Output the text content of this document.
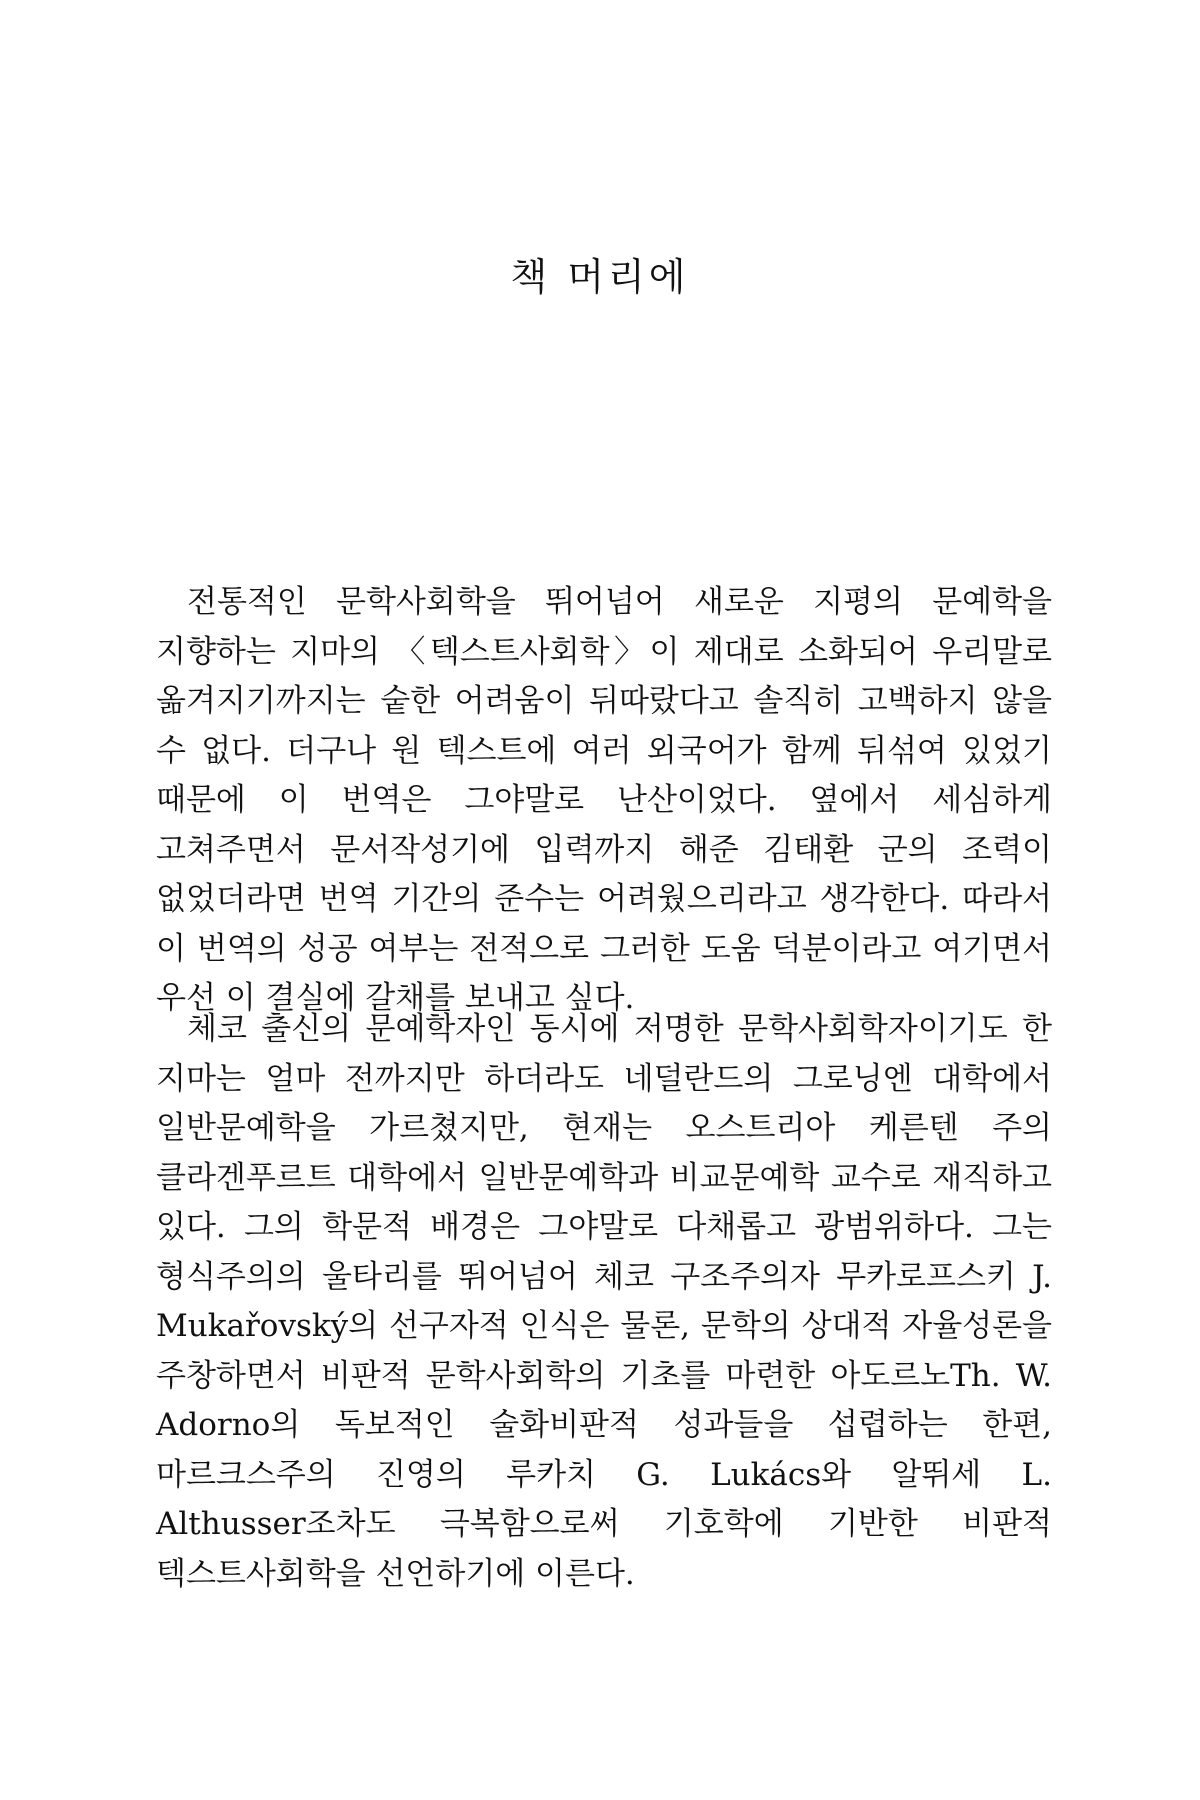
책 머리에

전통적인 문학사회학을 뛰어넘어 새로운 지평의 문예학을 지향하는 지마의 〈텍스트사회학〉이 제대로 소화되어 우리말로 옮겨지기까지는 숱한 어려움이 뒤따랐다고 솔직히 고백하지 않을 수 없다. 더구나 원 텍스트에 여러 외국어가 함께 뒤섞여 있었기 때문에 이 번역은 그야말로 난산이었다. 옆에서 세심하게 고쳐주면서 문서작성기에 입력까지 해준 김태환 군의 조력이 없었더라면 번역 기간의 준수는 어려웠으리라고 생각한다. 따라서 이 번역의 성공 여부는 전적으로 그러한 도움 덕분이라고 여기면서 우선 이 결실에 갈채를 보내고 싶다.

체코 출신의 문예학자인 동시에 저명한 문학사회학자이기도 한 지마는 얼마 전까지만 하더라도 네덜란드의 그로닝엔 대학에서 일반문예학을 가르쳤지만, 현재는 오스트리아 케른텐 주의 클라겐푸르트 대학에서 일반문예학과 비교문예학 교수로 재직하고 있다. 그의 학문적 배경은 그야말로 다채롭고 광범위하다. 그는 형식주의의 울타리를 뛰어넘어 체코 구조주의자 무카로프스키 J. Mukařovský의 선구자적 인식은 물론, 문학의 상대적 자율성론을 주창하면서 비판적 문학사회학의 기초를 마련한 아도르노Th. W. Adorno의 독보적인 술화비판적 성과들을 섭렵하는 한편, 마르크스주의 진영의 루카치 G. Lukács와 알뛰세 L. Althusser조차도 극복함으로써 기호학에 기반한 비판적 텍스트사회학을 선언하기에 이른다.
